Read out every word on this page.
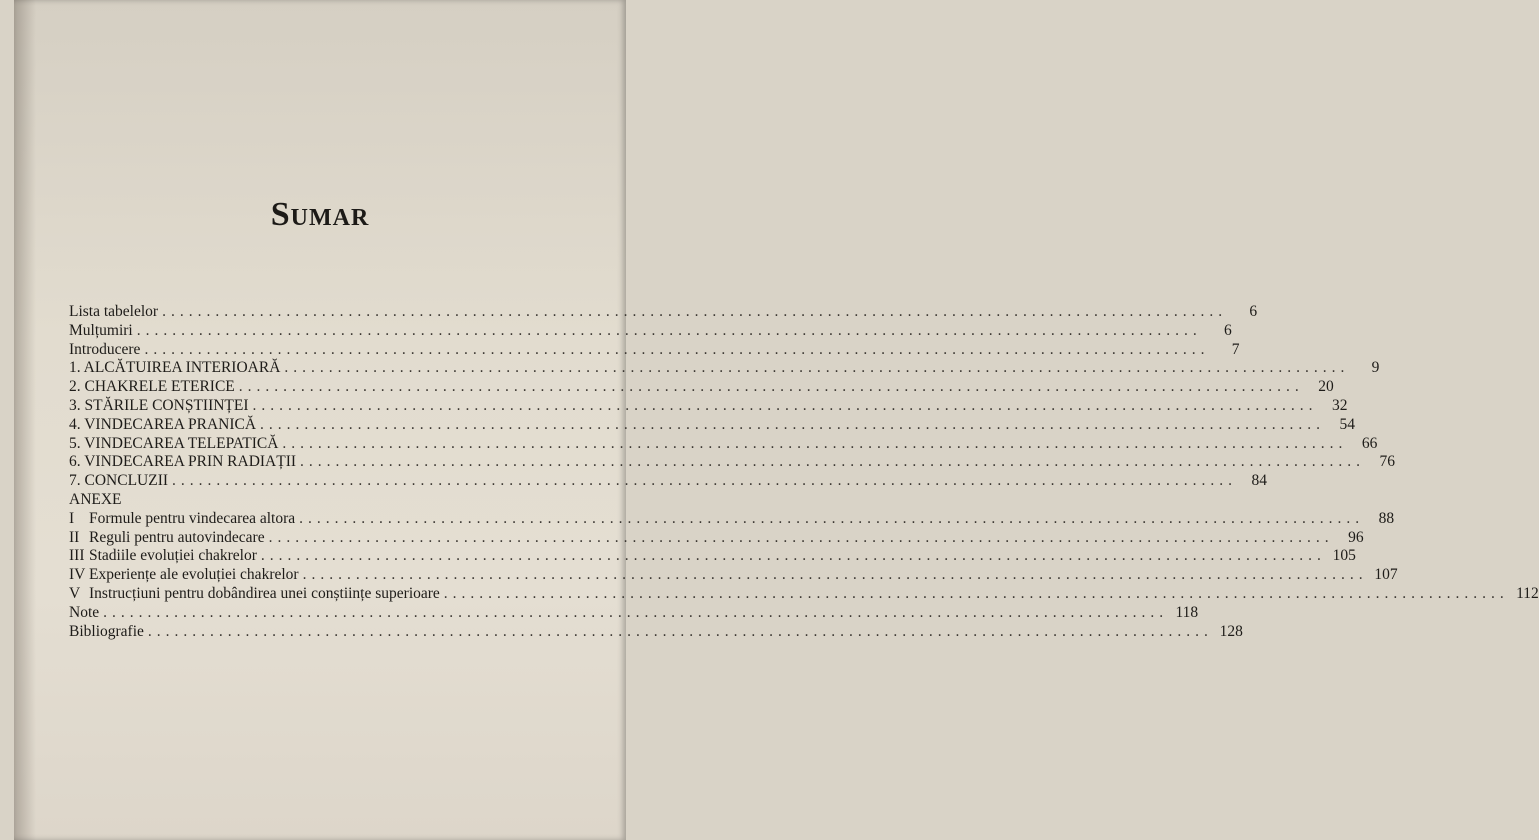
Sumar
Lista tabelelor ........................................................................................................................	6
Mulțumiri ........................................................................................................................	6
Introducere ........................................................................................................................	7
1. ALCĂTUIREA INTERIOARĂ ........................................................................................................................	9
2. CHAKRELE ETERICE ........................................................................................................................ 20
3. STĂRILE CONȘTIINȚEI ........................................................................................................................ 32
4. VINDECAREA PRANICĂ ........................................................................................................................ 54
5. VINDECAREA TELEPATICĂ ........................................................................................................................ 66
6. VINDECAREA PRIN RADIAȚII ........................................................................................................................ 76
7. CONCLUZII ........................................................................................................................ 84
ANEXE
I Formule pentru vindecarea altora ........................................................................................................................ 88
II Reguli pentru autovindecare ........................................................................................................................ 96
III Stadiile evoluției chakrelor ........................................................................................................................ 105
IV Experiențe ale evoluției chakrelor ........................................................................................................................ 107
V Instrucțiuni pentru dobândirea unei conștiințe superioare ........................................................................................................................ 112
Note ........................................................................................................................ 118
Bibliografie ........................................................................................................................ 128
